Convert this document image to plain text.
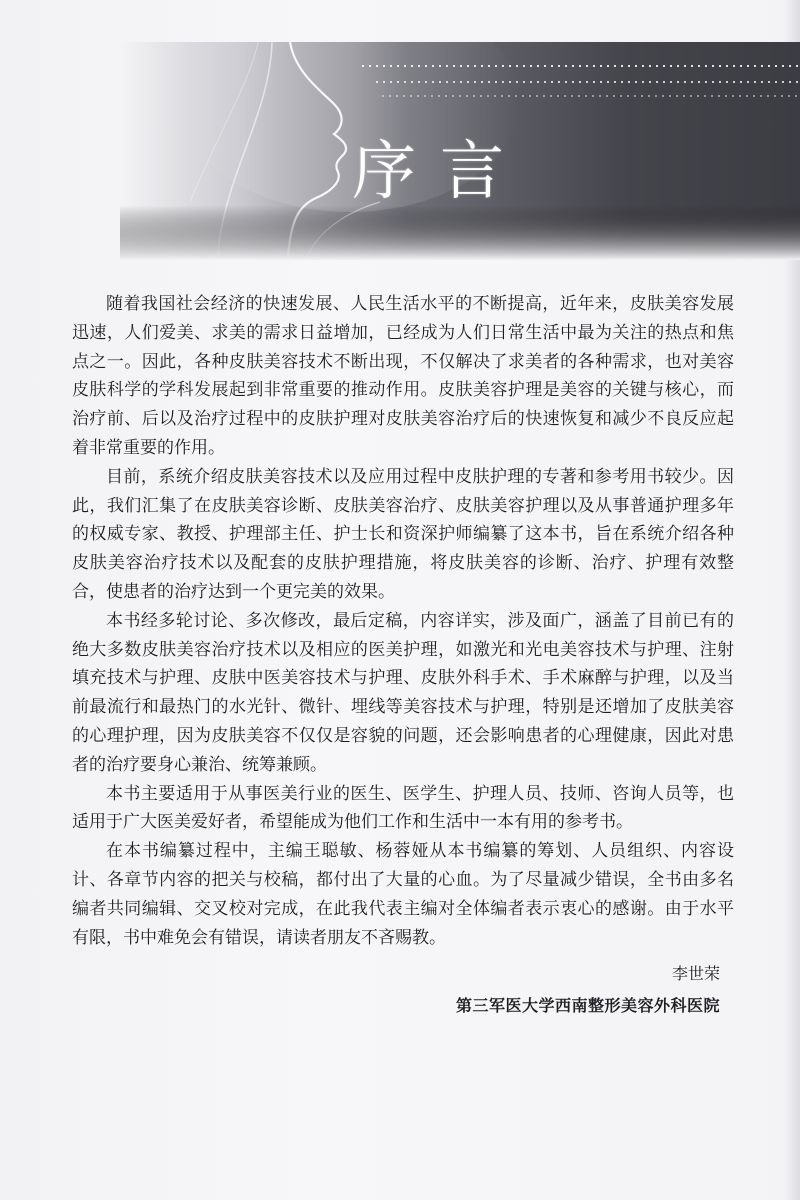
序言

随着我国社会经济的快速发展、人民生活水平的不断提高，近年来，皮肤美容发展迅速，人们爱美、求美的需求日益增加，已经成为人们日常生活中最为关注的热点和焦点之一。因此，各种皮肤美容技术不断出现，不仅解决了求美者的各种需求，也对美容皮肤科学的学科发展起到非常重要的推动作用。皮肤美容护理是美容的关键与核心，而治疗前、后以及治疗过程中的皮肤护理对皮肤美容治疗后的快速恢复和减少不良反应起着非常重要的作用。

目前，系统介绍皮肤美容技术以及应用过程中皮肤护理的专著和参考用书较少。因此，我们汇集了在皮肤美容诊断、皮肤美容治疗、皮肤美容护理以及从事普通护理多年的权威专家、教授、护理部主任、护士长和资深护师编纂了这本书，旨在系统介绍各种皮肤美容治疗技术以及配套的皮肤护理措施，将皮肤美容的诊断、治疗、护理有效整合，使患者的治疗达到一个更完美的效果。

本书经多轮讨论、多次修改，最后定稿，内容详实，涉及面广，涵盖了目前已有的绝大多数皮肤美容治疗技术以及相应的医美护理，如激光和光电美容技术与护理、注射填充技术与护理、皮肤中医美容技术与护理、皮肤外科手术、手术麻醉与护理，以及当前最流行和最热门的水光针、微针、埋线等美容技术与护理，特别是还增加了皮肤美容的心理护理，因为皮肤美容不仅仅是容貌的问题，还会影响患者的心理健康，因此对患者的治疗要身心兼治、统筹兼顾。

本书主要适用于从事医美行业的医生、医学生、护理人员、技师、咨询人员等，也适用于广大医美爱好者，希望能成为他们工作和生活中一本有用的参考书。

在本书编纂过程中，主编王聪敏、杨蓉娅从本书编纂的筹划、人员组织、内容设计、各章节内容的把关与校稿，都付出了大量的心血。为了尽量减少错误，全书由多名编者共同编辑、交叉校对完成，在此我代表主编对全体编者表示衷心的感谢。由于水平有限，书中难免会有错误，请读者朋友不吝赐教。

李世荣
第三军医大学西南整形美容外科医院
